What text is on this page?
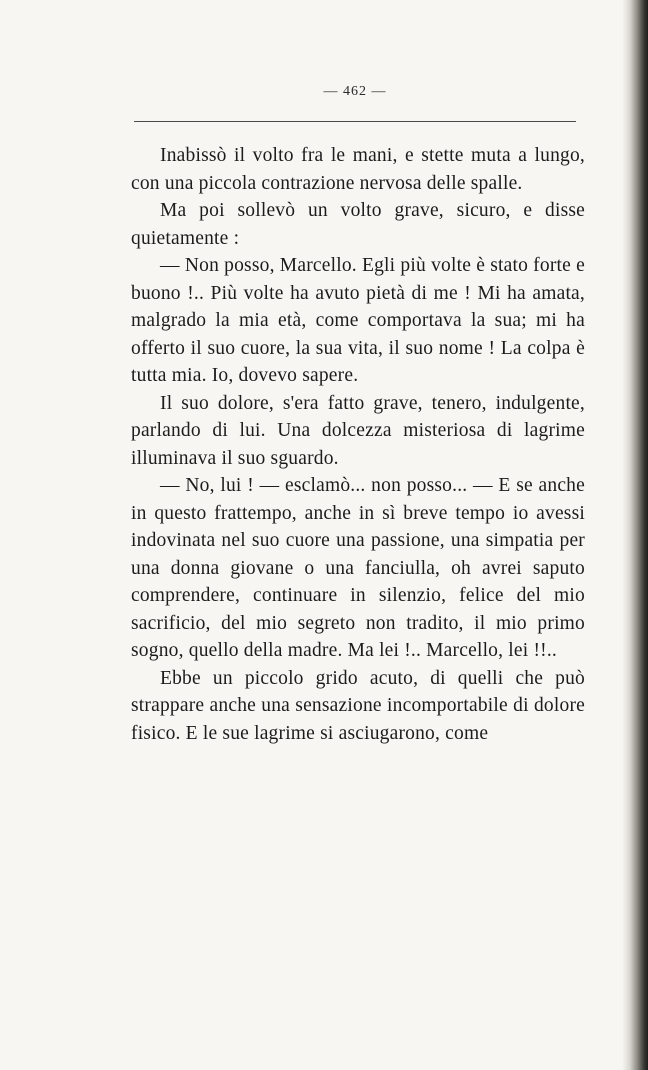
— 462 —

Inabissò il volto fra le mani, e stette muta a lungo, con una piccola contrazione nervosa delle spalle.

Ma poi sollevò un volto grave, sicuro, e disse quietamente :

— Non posso, Marcello. Egli più volte è stato forte e buono !.. Più volte ha avuto pietà di me ! Mi ha amata, malgrado la mia età, come comportava la sua; mi ha offerto il suo cuore, la sua vita, il suo nome ! La colpa è tutta mia. Io, dovevo sapere.

Il suo dolore, s'era fatto grave, tenero, indulgente, parlando di lui. Una dolcezza misteriosa di lagrime illuminava il suo sguardo.

— No, lui ! — esclamò... non posso... — E se anche in questo frattempo, anche in sì breve tempo io avessi indovinata nel suo cuore una passione, una simpatia per una donna giovane o una fanciulla, oh avrei saputo comprendere, continuare in silenzio, felice del mio sacrificio, del mio segreto non tradito, il mio primo sogno, quello della madre. Ma lei !.. Marcello, lei !!..

Ebbe un piccolo grido acuto, di quelli che può strappare anche una sensazione incomportabile di dolore fisico. E le sue lagrime si asciugarono, come
